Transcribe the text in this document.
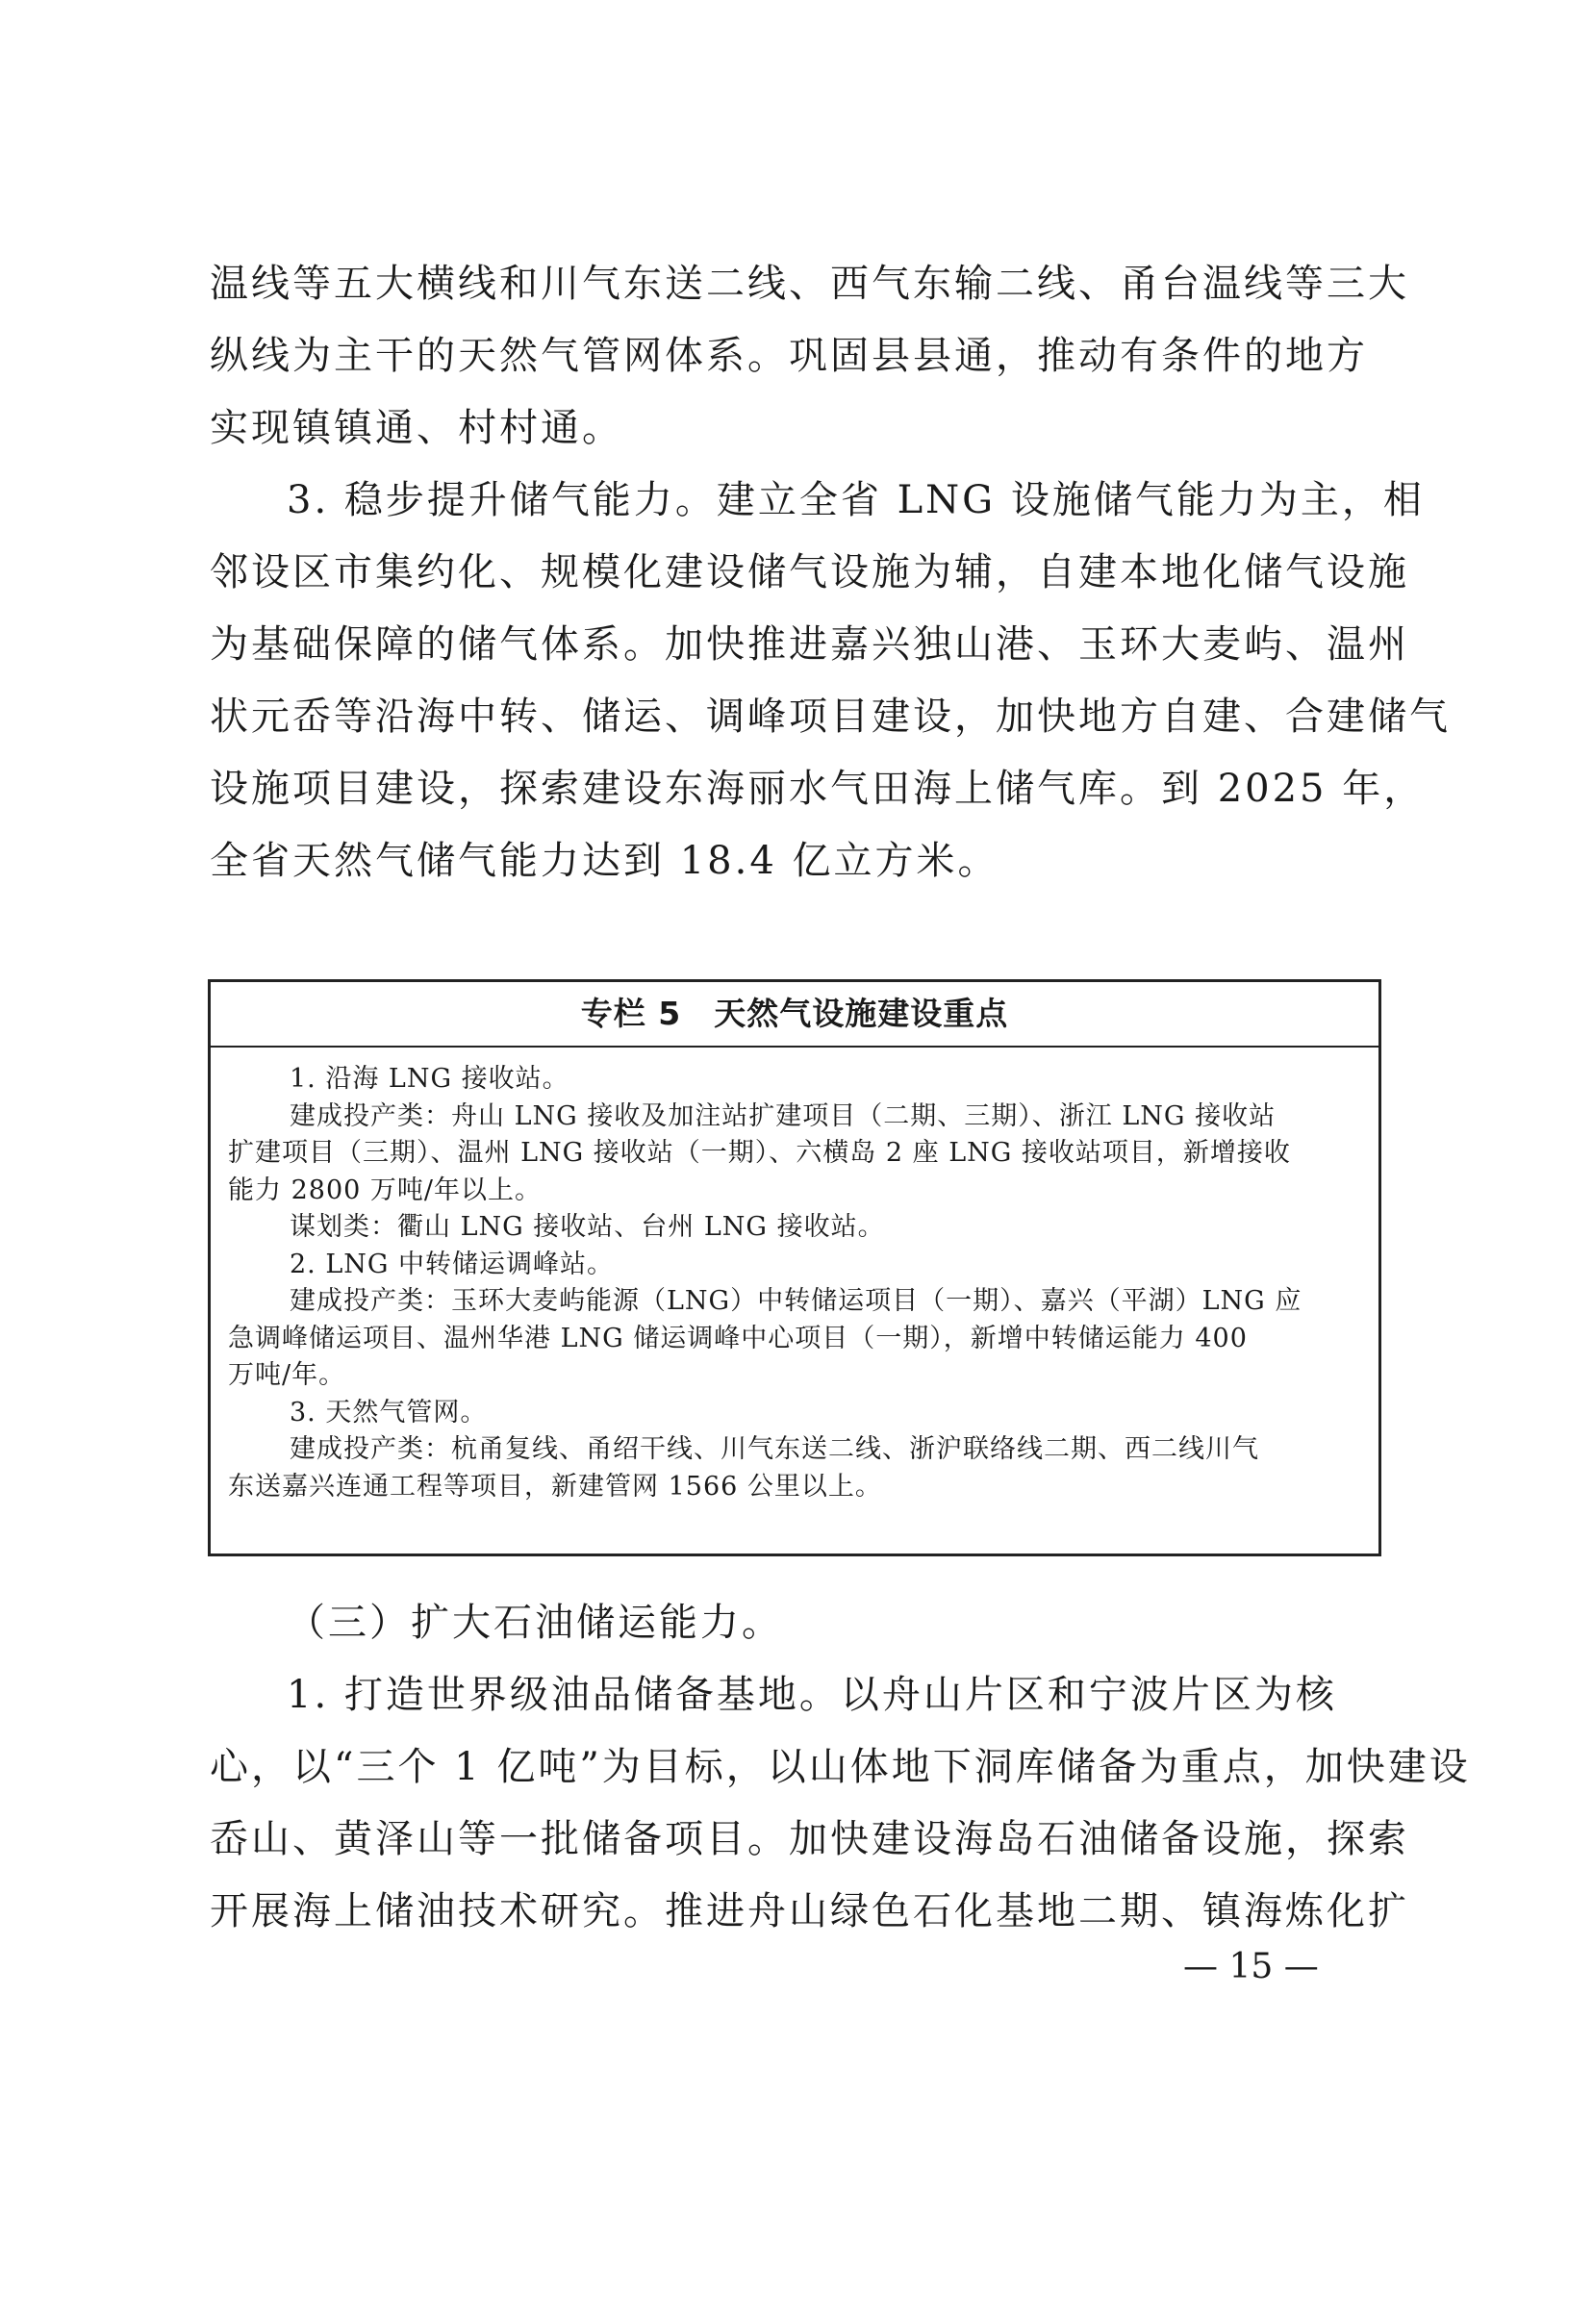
温线等五大横线和川气东送二线、西气东输二线、甬台温线等三大
纵线为主干的天然气管网体系。巩固县县通，推动有条件的地方
实现镇镇通、村村通。
3. 稳步提升储气能力。建立全省 LNG 设施储气能力为主，相
邻设区市集约化、规模化建设储气设施为辅，自建本地化储气设施
为基础保障的储气体系。加快推进嘉兴独山港、玉环大麦屿、温州
状元岙等沿海中转、储运、调峰项目建设，加快地方自建、合建储气
设施项目建设，探索建设东海丽水气田海上储气库。到 2025 年，
全省天然气储气能力达到 18.4 亿立方米。
专栏 5　天然气设施建设重点
1. 沿海 LNG 接收站。
建成投产类：舟山 LNG 接收及加注站扩建项目（二期、三期）、浙江 LNG 接收站
扩建项目（三期）、温州 LNG 接收站（一期）、六横岛 2 座 LNG 接收站项目，新增接收
能力 2800 万吨/年以上。
谋划类：衢山 LNG 接收站、台州 LNG 接收站。
2. LNG 中转储运调峰站。
建成投产类：玉环大麦屿能源（LNG）中转储运项目（一期）、嘉兴（平湖）LNG 应
急调峰储运项目、温州华港 LNG 储运调峰中心项目（一期），新增中转储运能力 400
万吨/年。
3. 天然气管网。
建成投产类：杭甬复线、甬绍干线、川气东送二线、浙沪联络线二期、西二线川气
东送嘉兴连通工程等项目，新建管网 1566 公里以上。
（三）扩大石油储运能力。
1. 打造世界级油品储备基地。以舟山片区和宁波片区为核
心，以“三个 1 亿吨”为目标，以山体地下洞库储备为重点，加快建设
岙山、黄泽山等一批储备项目。加快建设海岛石油储备设施，探索
开展海上储油技术研究。推进舟山绿色石化基地二期、镇海炼化扩
— 15 —
